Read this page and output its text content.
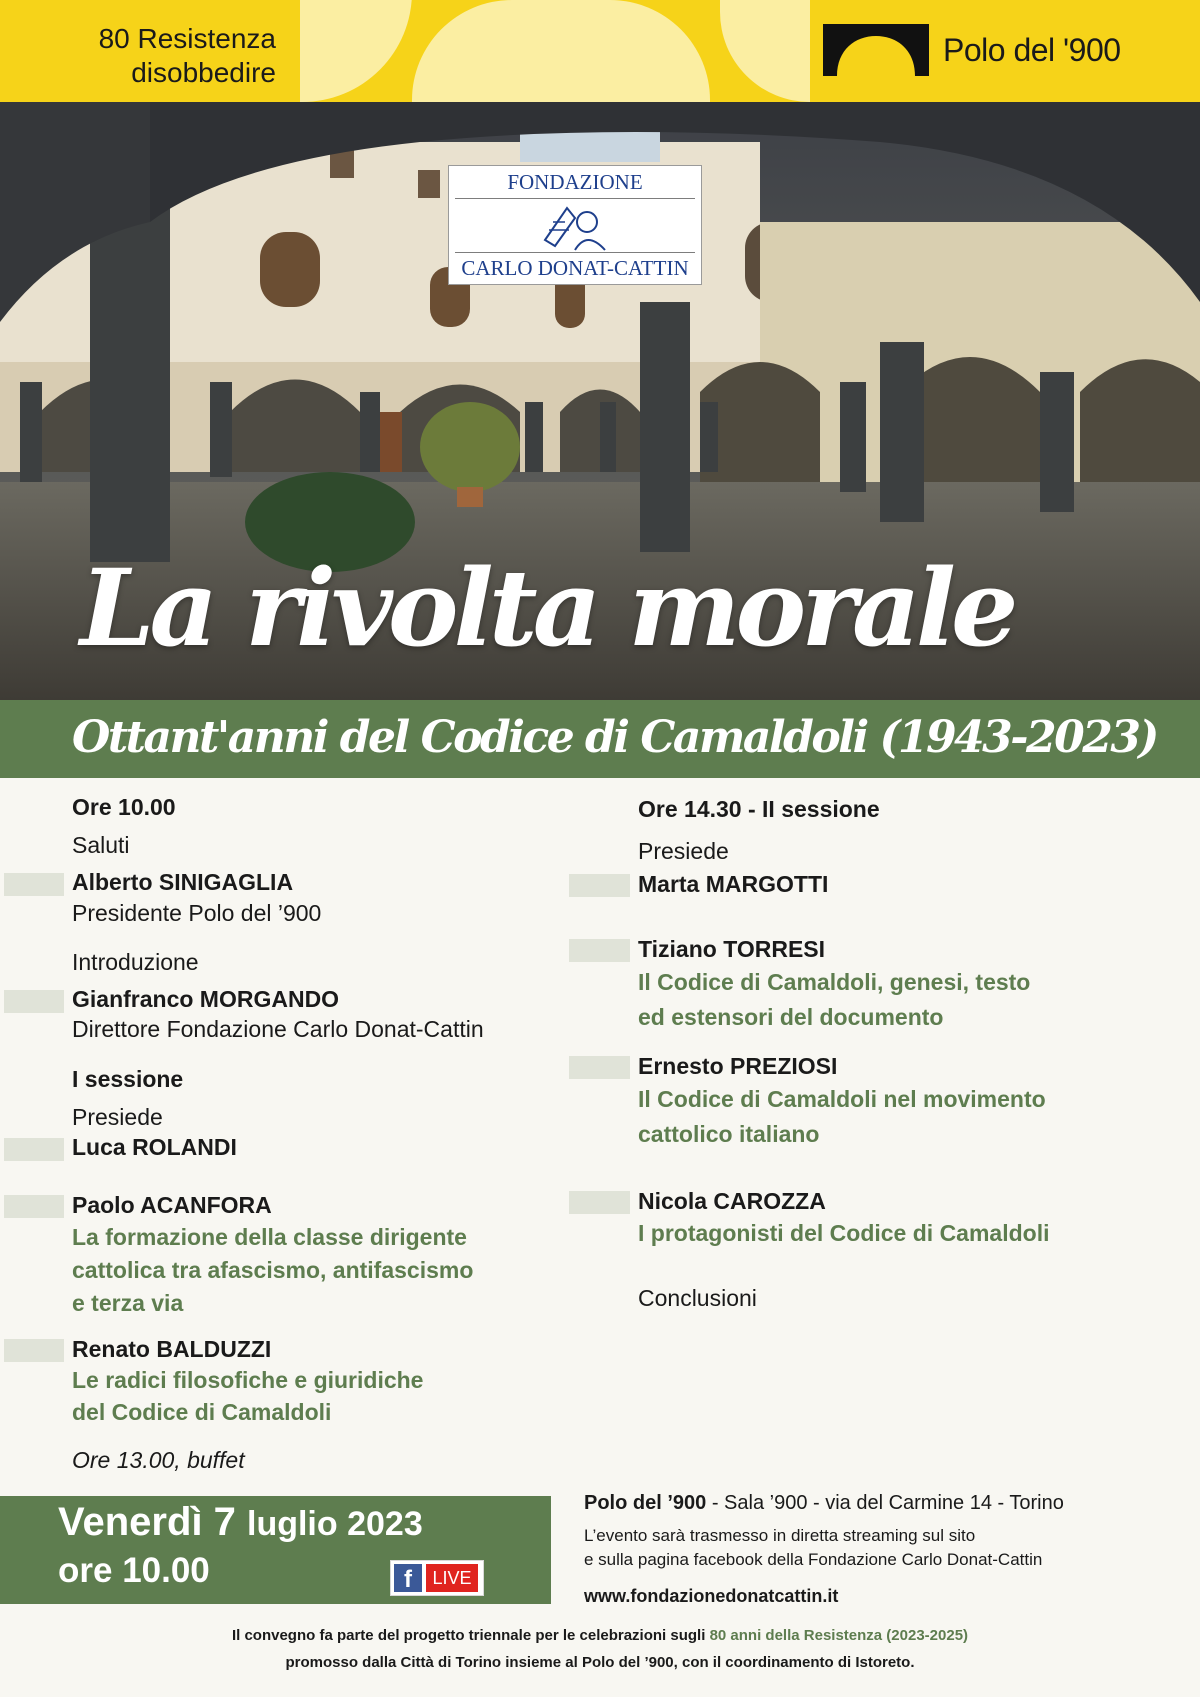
80 Resistenza
disobbedire
Polo del '900
FONDAZIONE
CARLO DONAT-CATTIN
La rivolta morale
Ottant'anni del Codice di Camaldoli (1943-2023)
Ore 10.00
Saluti
Alberto SINIGAGLIA
Presidente Polo del ’900
Introduzione
Gianfranco MORGANDO
Direttore Fondazione Carlo Donat-Cattin
I sessione
Presiede
Luca ROLANDI
Paolo ACANFORA
La formazione della classe dirigente
cattolica tra afascismo, antifascismo
e terza via
Renato BALDUZZI
Le radici filosofiche e giuridiche
del Codice di Camaldoli
Ore 13.00, buffet
Ore 14.30 - II sessione
Presiede
Marta MARGOTTI
Tiziano TORRESI
Il Codice di Camaldoli, genesi, testo
ed estensori del documento
Ernesto PREZIOSI
Il Codice di Camaldoli nel movimento
cattolico italiano
Nicola CAROZZA
I protagonisti del Codice di Camaldoli
Conclusioni
Venerdì 7 luglio 2023
ore 10.00	f	LIVE
Polo del ’900 - Sala ’900 - via del Carmine 14 - Torino
L’evento sarà trasmesso in diretta streaming sul sito
e sulla pagina facebook della Fondazione Carlo Donat-Cattin
www.fondazionedonatcattin.it
Il convegno fa parte del progetto triennale per le celebrazioni sugli 80 anni della Resistenza (2023-2025)
promosso dalla Città di Torino insieme al Polo del ’900, con il coordinamento di Istoreto.
